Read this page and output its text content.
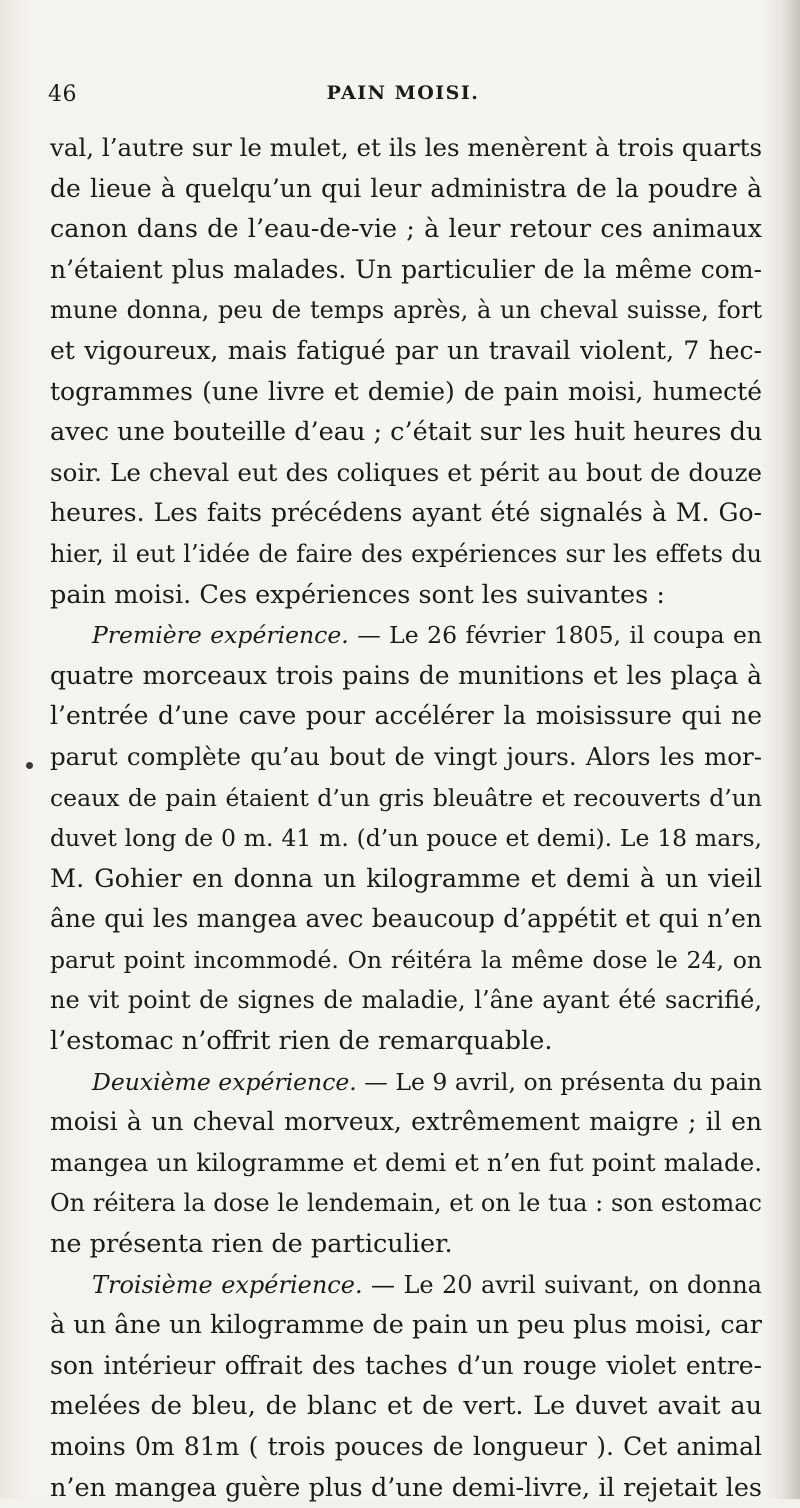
46	PAIN MOISI.
val, l’autre sur le mulet, et ils les menèrent à trois quarts
de lieue à quelqu’un qui leur administra de la poudre à
canon dans de l’eau-de-vie ; à leur retour ces animaux
n’étaient plus malades. Un particulier de la même com-
mune donna, peu de temps après, à un cheval suisse, fort
et vigoureux, mais fatigué par un travail violent, 7 hec-
togrammes (une livre et demie) de pain moisi, humecté
avec une bouteille d’eau ; c’était sur les huit heures du
soir. Le cheval eut des coliques et périt au bout de douze
heures. Les faits précédens ayant été signalés à M. Go-
hier, il eut l’idée de faire des expériences sur les effets du
pain moisi. Ces expériences sont les suivantes :
Première expérience. — Le 26 février 1805, il coupa en
quatre morceaux trois pains de munitions et les plaça à
l’entrée d’une cave pour accélérer la moisissure qui ne
parut complète qu’au bout de vingt jours. Alors les mor-
ceaux de pain étaient d’un gris bleuâtre et recouverts d’un
duvet long de 0 m. 41 m. (d’un pouce et demi). Le 18 mars,
M. Gohier en donna un kilogramme et demi à un vieil
âne qui les mangea avec beaucoup d’appétit et qui n’en
parut point incommodé. On réitéra la même dose le 24, on
ne vit point de signes de maladie, l’âne ayant été sacrifié,
l’estomac n’offrit rien de remarquable.
Deuxième expérience. — Le 9 avril, on présenta du pain
moisi à un cheval morveux, extrêmement maigre ; il en
mangea un kilogramme et demi et n’en fut point malade.
On réitera la dose le lendemain, et on le tua : son estomac
ne présenta rien de particulier.
Troisième expérience. — Le 20 avril suivant, on donna
à un âne un kilogramme de pain un peu plus moisi, car
son intérieur offrait des taches d’un rouge violet entre-
melées de bleu, de blanc et de vert. Le duvet avait au
moins 0m 81m ( trois pouces de longueur ). Cet animal
n’en mangea guère plus d’une demi-livre, il rejetait les
